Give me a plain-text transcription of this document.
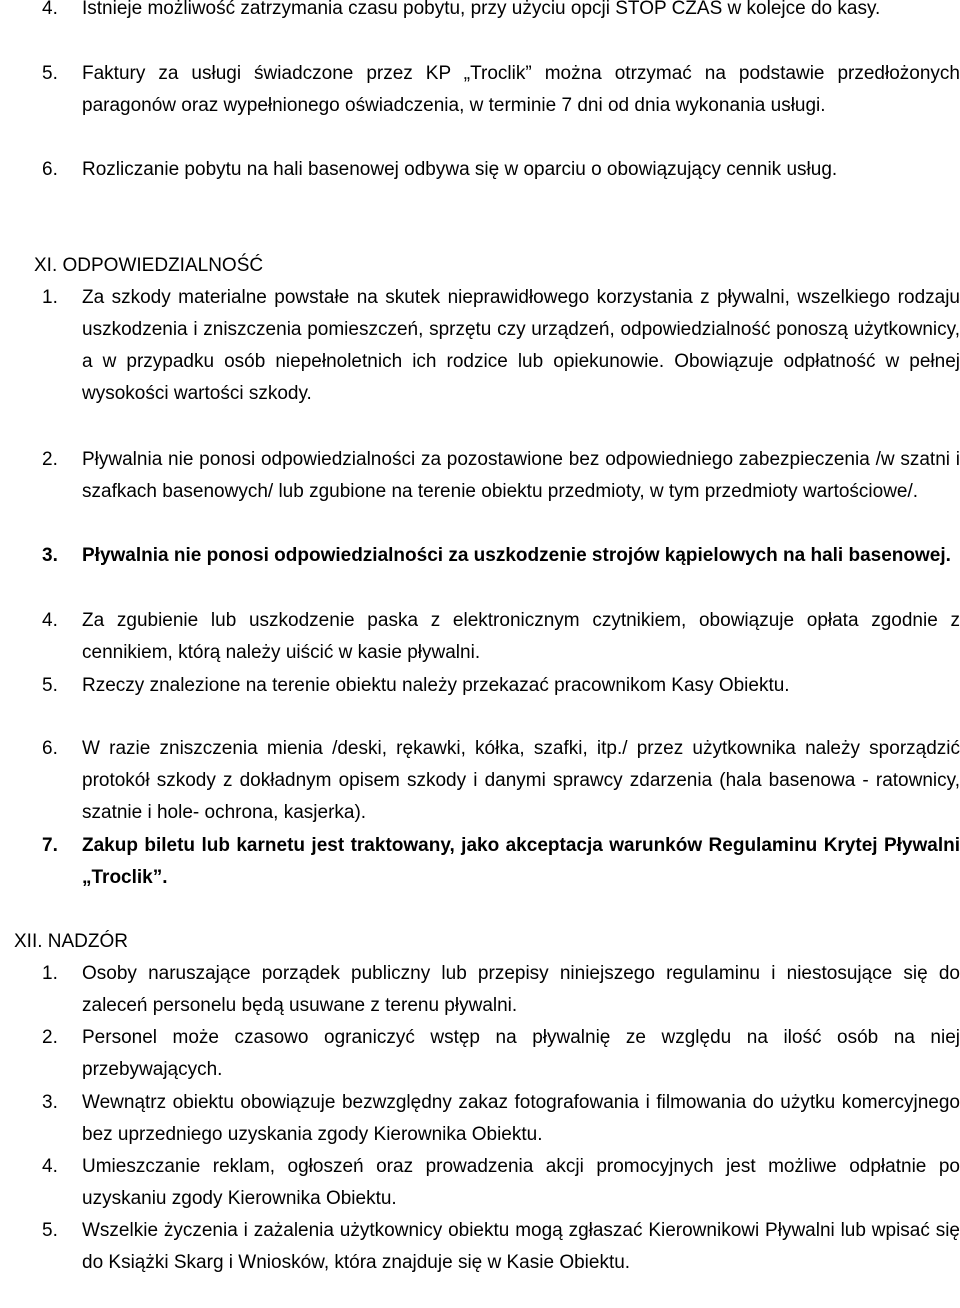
4. Istnieje możliwość zatrzymania czasu pobytu, przy użyciu opcji STOP CZAS w kolejce do kasy.
5. Faktury za usługi świadczone przez KP „Troclik” można otrzymać na podstawie przedłożonych paragonów oraz wypełnionego oświadczenia, w terminie 7 dni od dnia wykonania usługi.
6. Rozliczanie pobytu na hali basenowej odbywa się w oparciu o obowiązujący cennik usług.
XI. ODPOWIEDZIALNOŚĆ
1. Za szkody materialne powstałe na skutek nieprawidłowego korzystania z pływalni, wszelkiego rodzaju uszkodzenia i zniszczenia pomieszczeń, sprzętu czy urządzeń, odpowiedzialność ponoszą użytkownicy, a w przypadku osób niepełnoletnich ich rodzice lub opiekunowie. Obowiązuje odpłatność w pełnej wysokości wartości szkody.
2. Pływalnia nie ponosi odpowiedzialności za pozostawione bez odpowiedniego zabezpieczenia /w szatni i szafkach basenowych/ lub zgubione na terenie obiektu przedmioty, w tym przedmioty wartościowe/.
3. Pływalnia nie ponosi odpowiedzialności za uszkodzenie strojów kąpielowych na hali basenowej.
4. Za zgubienie lub uszkodzenie paska z elektronicznym czytnikiem, obowiązuje opłata zgodnie z cennikiem, którą należy uiścić w kasie pływalni.
5. Rzeczy znalezione na terenie obiektu należy przekazać pracownikom Kasy Obiektu.
6. W razie zniszczenia mienia /deski, rękawki, kółka, szafki, itp./ przez użytkownika należy sporządzić protokół szkody z dokładnym opisem szkody i danymi sprawcy zdarzenia (hala basenowa - ratownicy, szatnie i hole- ochrona, kasjerka).
7. Zakup biletu lub karnetu jest traktowany, jako akceptacja warunków Regulaminu Krytej Pływalni „Troclik”.
XII. NADZÓR
1. Osoby naruszające porządek publiczny lub przepisy niniejszego regulaminu i niestosujące się do zaleceń personelu będą usuwane z terenu pływalni.
2. Personel może czasowo ograniczyć wstęp na pływalnię ze względu na ilość osób na niej przebywających.
3. Wewnątrz obiektu obowiązuje bezwzględny zakaz fotografowania i filmowania do użytku komercyjnego bez uprzedniego uzyskania zgody Kierownika Obiektu.
4. Umieszczanie reklam, ogłoszeń oraz prowadzenia akcji promocyjnych jest możliwe odpłatnie po uzyskaniu zgody Kierownika Obiektu.
5. Wszelkie życzenia i zażalenia użytkownicy obiektu mogą zgłaszać Kierownikowi Pływalni lub wpisać się do Książki Skarg i Wniosków, która znajduje się w Kasie Obiektu.
